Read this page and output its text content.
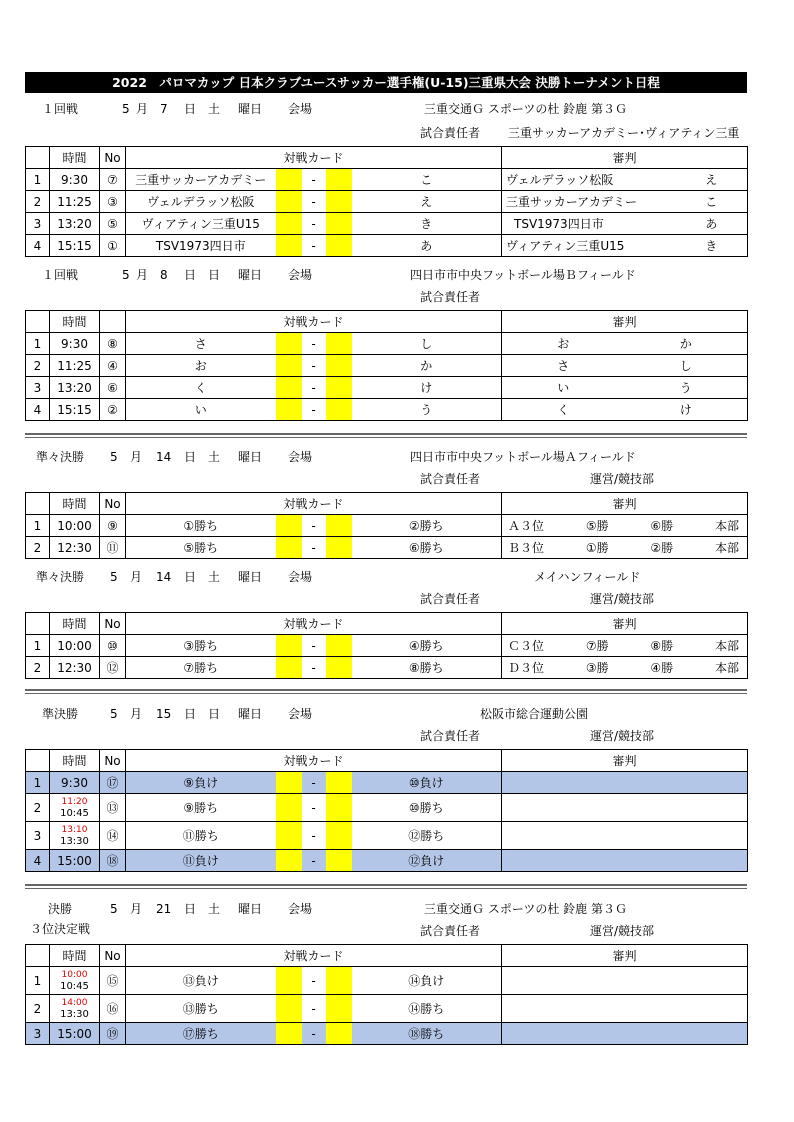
2022　パロマカップ 日本クラブユースサッカー選手権(U-15)三重県大会 決勝トーナメント日程
１回戦	5 月 7 日 土 曜日 会場	三重交通Ｇ スポーツの杜 鈴鹿 第３Ｇ
試合責任者 三重サッカーアカデミー･ヴィアティン三重
	時間	No	対戦カード					審判	
1	9:30	⑦	三重サッカーアカデミー		-		こ	ヴェルデラッソ松阪	え
2	11:25	③	ヴェルデラッソ松阪		-		え	三重サッカーアカデミー	こ
3	13:20	⑤	ヴィアティン三重U15		-		き	TSV1973四日市	あ
4	15:15	①	TSV1973四日市		-		あ	ヴィアティン三重U15	き
１回戦	5 月 8 日 日 曜日 会場	四日市市中央フットボール場Ｂフィールド
試合責任者
	時間		対戦カード					審判	
1	9:30	⑧	さ		-		し	お	か
2	11:25	④	お		-		か	さ	し
3	13:20	⑥	く		-		け	い	う
4	15:15	②	い		-		う	く	け
準々決勝 5 月 14 日 土 曜日 会場	四日市市中央フットボール場Ａフィールド
試合責任者	運営/競技部
	時間	No	対戦カード					審判
1	10:00	⑨	①勝ち		-		②勝ち	Ａ３位 ⑤勝 ⑥勝 本部

2	12:30	⑪	⑤勝ち		-		⑥勝ち	Ｂ３位 ①勝 ②勝 本部
準々決勝 5 月 14 日 土 曜日 会場	メイハンフィールド
試合責任者	運営/競技部
	時間	No	対戦カード					審判
1	10:00	⑩	③勝ち		-		④勝ち	Ｃ３位 ⑦勝 ⑧勝 本部

2	12:30	⑫	⑦勝ち		-		⑧勝ち	Ｄ３位 ③勝 ④勝 本部
準決勝	5 月 15 日 日 曜日 会場	松阪市総合運動公園
試合責任者	運営/競技部
	時間	No	対戦カード					審判
1	9:30	⑰	⑨負け		-		⑩負け	
2	11:20
10:45	⑬	⑨勝ち		-		⑩勝ち	
3	13:10
13:30	⑭	⑪勝ち		-		⑫勝ち	
4	15:00	⑱	⑪負け		-		⑫負け	
決勝
３位決定戦
5 月 21 日 土 曜日 会場	三重交通Ｇ スポーツの杜 鈴鹿 第３Ｇ
試合責任者	運営/競技部
	時間	No	対戦カード					審判
1	10:00
10:45	⑮	⑬負け		-		⑭負け	
2	14:00
13:30	⑯	⑬勝ち		-		⑭勝ち	
3	15:00	⑲	⑰勝ち		-		⑱勝ち	
